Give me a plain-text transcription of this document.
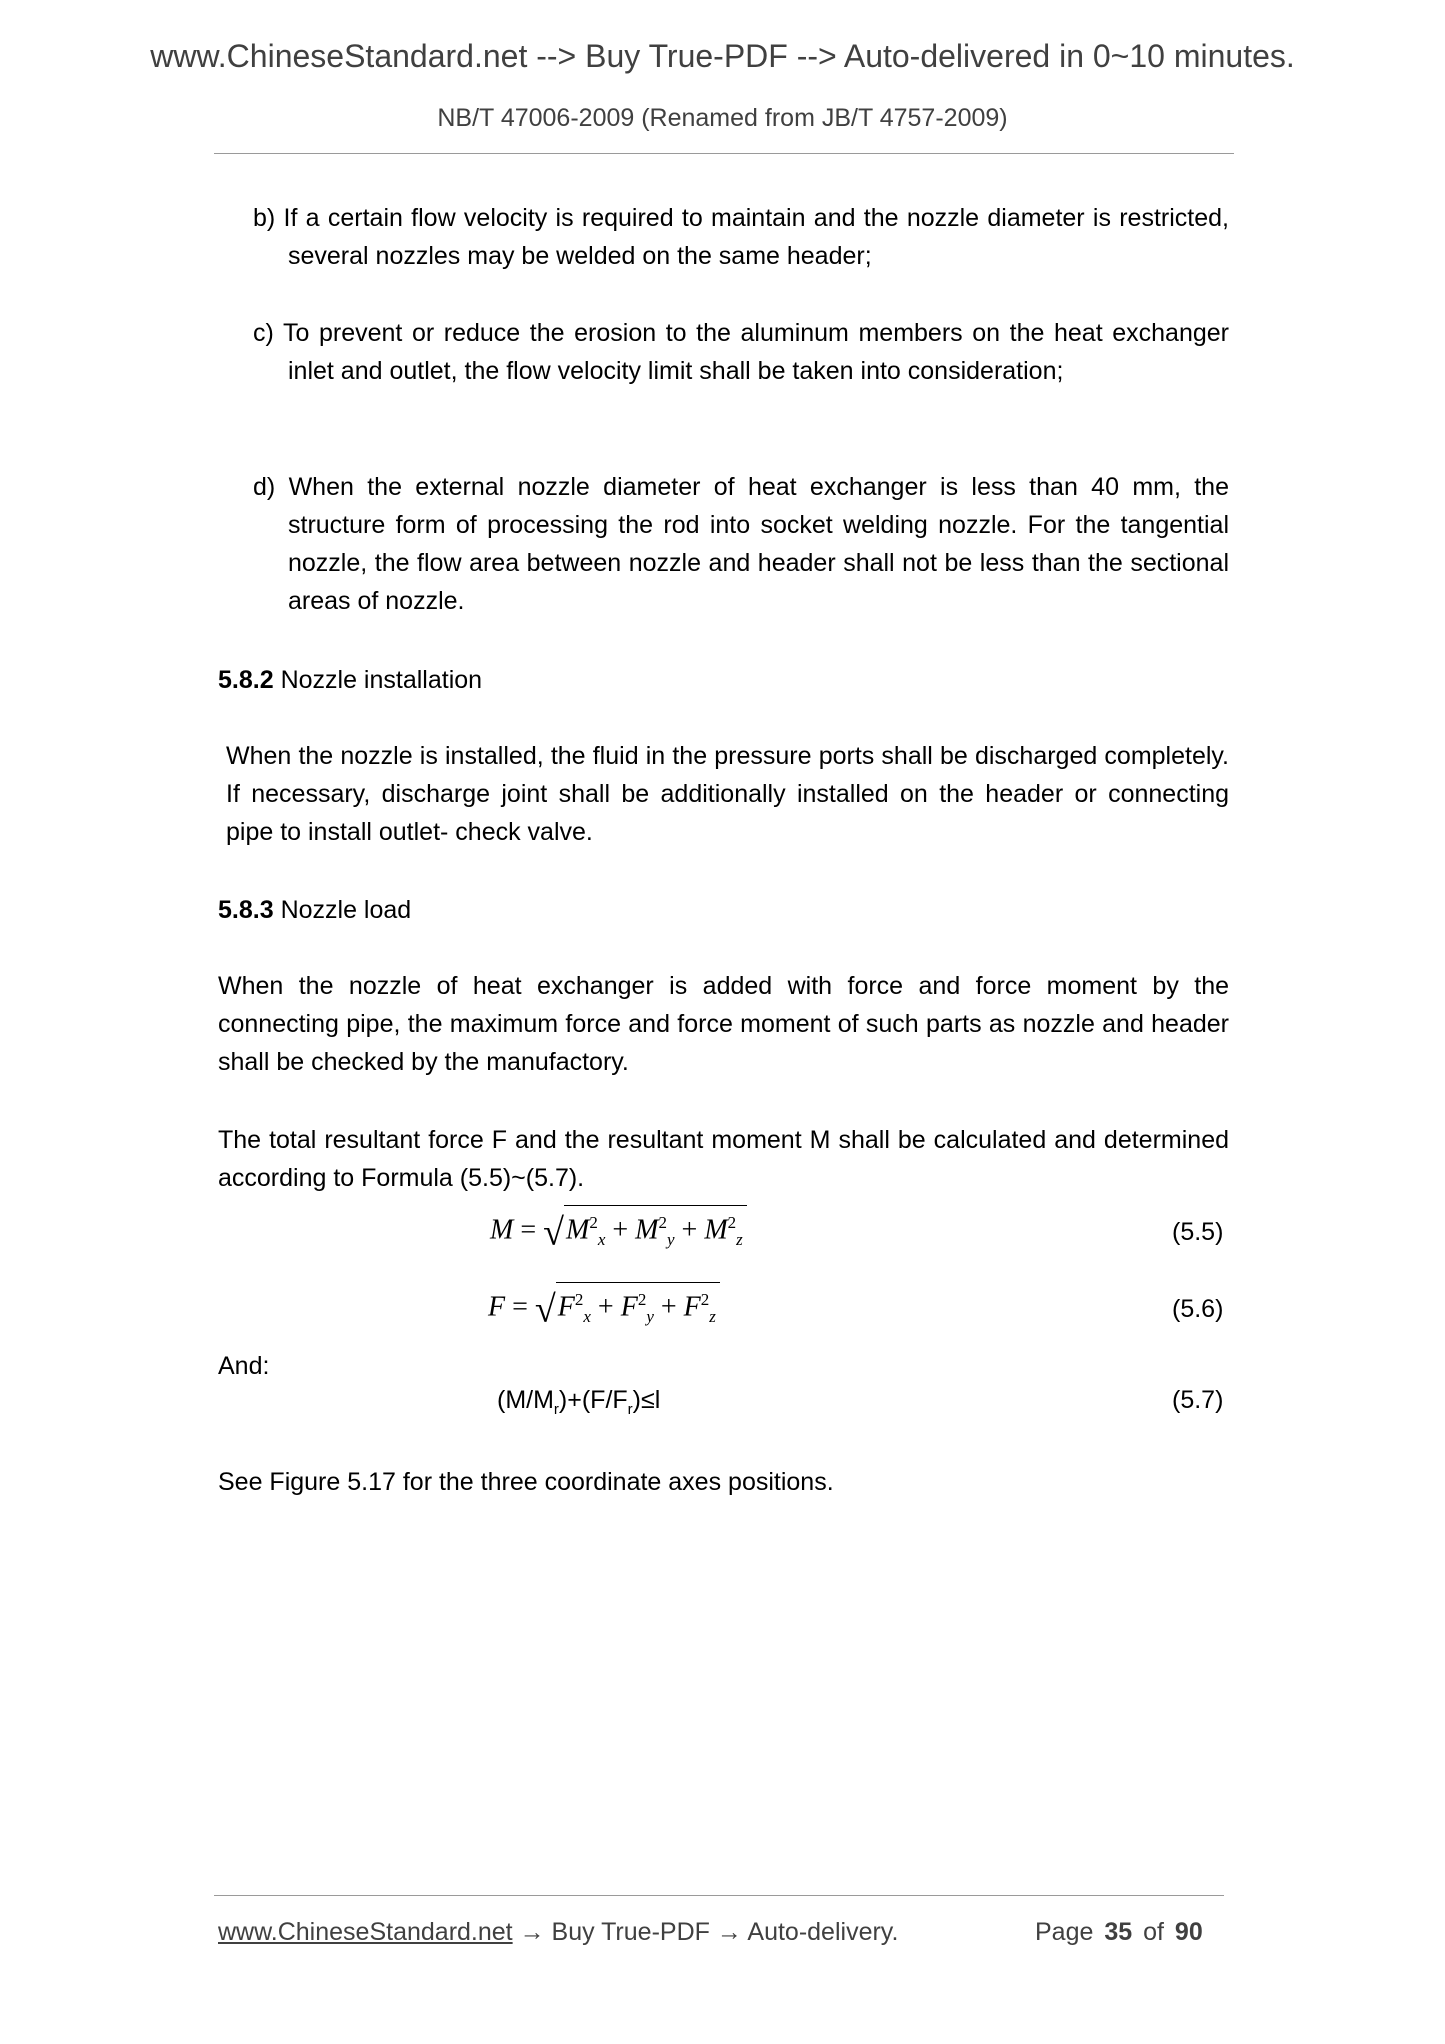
www.ChineseStandard.net --> Buy True-PDF --> Auto-delivered in 0~10 minutes.
NB/T 47006-2009 (Renamed from JB/T 4757-2009)
b) If a certain flow velocity is required to maintain and the nozzle diameter is restricted, several nozzles may be welded on the same header;
c) To prevent or reduce the erosion to the aluminum members on the heat exchanger inlet and outlet, the flow velocity limit shall be taken into consideration;
d) When the external nozzle diameter of heat exchanger is less than 40 mm, the structure form of processing the rod into socket welding nozzle. For the tangential nozzle, the flow area between nozzle and header shall not be less than the sectional areas of nozzle.
5.8.2 Nozzle installation
When the nozzle is installed, the fluid in the pressure ports shall be discharged completely. If necessary, discharge joint shall be additionally installed on the header or connecting pipe to install outlet- check valve.
5.8.3 Nozzle load
When the nozzle of heat exchanger is added with force and force moment by the connecting pipe, the maximum force and force moment of such parts as nozzle and header shall be checked by the manufactory.
The total resultant force F and the resultant moment M shall be calculated and determined according to Formula (5.5)~(5.7).
$M = √M^2_x + M^2_y + M^2_z$	(5.5)
$F = √F^2_x + F^2_y + F^2_z$	(5.6)
And:
$(M/M_r)+(F/F_r)\le l$	(5.7)
See Figure 5.17 for the three coordinate axes positions.
www.ChineseStandard.net → Buy True-PDF → Auto-delivery.	Page 35 of 90
